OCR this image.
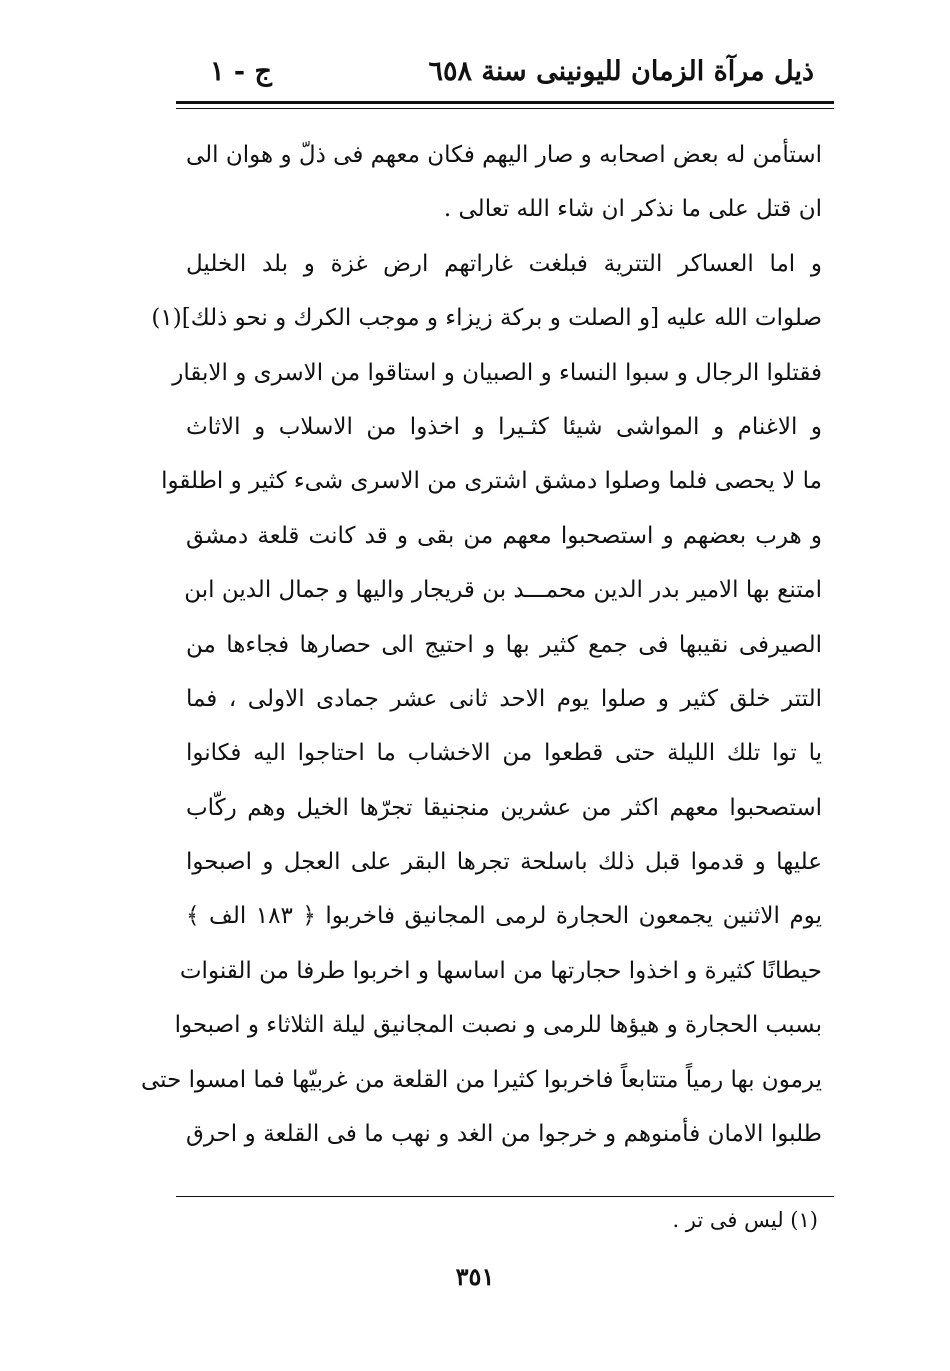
ذيل مرآة الزمان لليونينى سنة ٦٥٨
ج - ١
استأمن له بعض اصحابه و صار اليهم فكان معهم فى ذلّ و هوان الى
ان قتل على ما نذكر ان شاء الله تعالى .
و اما العساكر التترية فبلغت غاراتهم ارض غزة و بلد الخليل
صلوات الله عليه [و الصلت و بركة زيزاء و موجب الكرك و نحو ذلك](١)
فقتلوا الرجال و سبوا النساء و الصبيان و استاقوا من الاسرى و الابقار
و الاغنام و المواشى شيئا كثـيرا و اخذوا من الاسلاب و الاثاث
ما لا يحصى فلما وصلوا دمشق اشترى من الاسرى شىء كثير و اطلقوا
و هرب بعضهم و استصحبوا معهم من بقى و قد كانت قلعة دمشق
امتنع بها الامير بدر الدين محمـــد بن قريجار واليها و جمال الدين ابن
الصيرفى نقيبها فى جمع كثير بها و احتيج الى حصارها فجاءها من
التتر خلق كثير و صلوا يوم الاحد ثانى عشر جمادى الاولى ، فما
يا توا تلك الليلة حتى قطعوا من الاخشاب ما احتاجوا اليه فكانوا
استصحبوا معهم اكثر من عشرين منجنيقا تجرّها الخيل وهم ركّاب
عليها و قدموا قبل ذلك باسلحة تجرها البقر على العجل و اصبحوا
يوم الاثنين يجمعون الحجارة لرمى المجانيق فاخربوا ﴿ ١٨٣ الف ﴾
حيطانًا كثيرة و اخذوا حجارتها من اساسها و اخربوا طرفا من القنوات
بسبب الحجارة و هيؤها للرمى و نصبت المجانيق ليلة الثلاثاء و اصبحوا
يرمون بها رمياً متتابعاً فاخربوا كثيرا من القلعة من غربيّها فما امسوا حتى
طلبوا الامان فأمنوهم و خرجوا من الغد و نهب ما فى القلعة و احرق
(١) ليس فى تر .
٣٥١
